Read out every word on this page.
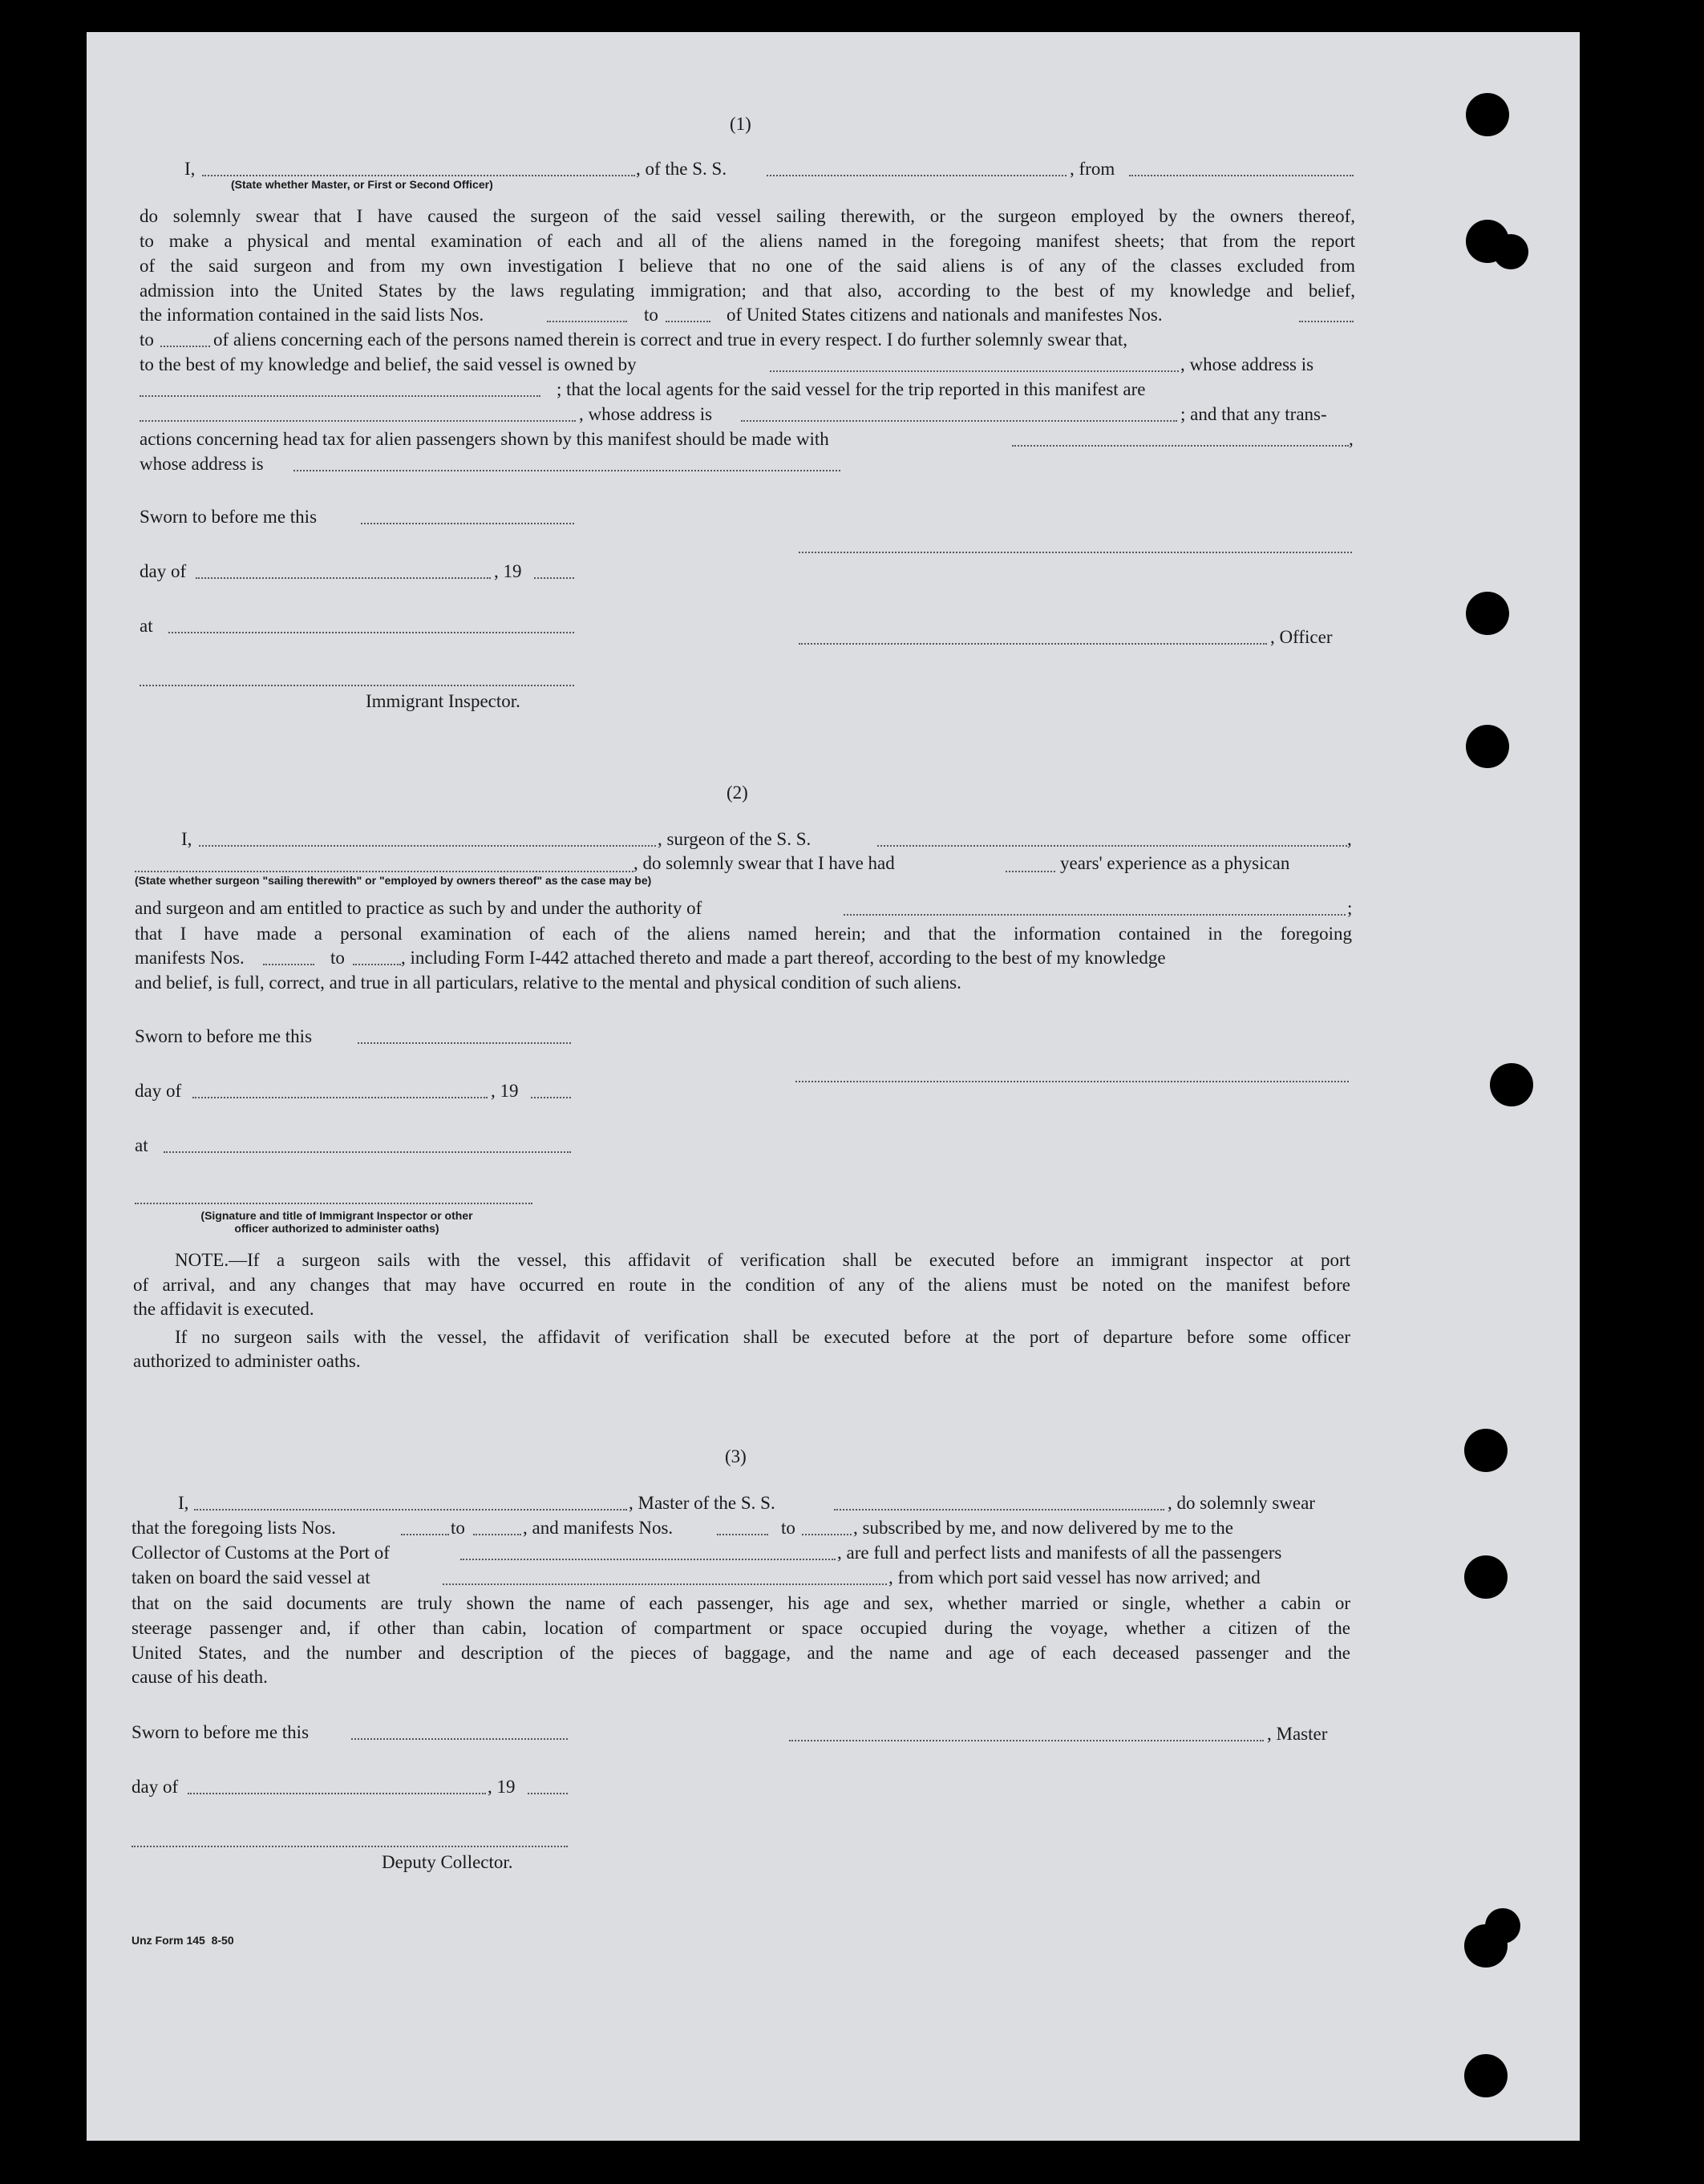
(1)
I,	, of the S. S.	, from
(State whether Master, or First or Second Officer)
do solemnly swear that I have caused the surgeon of the said vessel sailing therewith, or the surgeon employed by the owners thereof,
to make a physical and mental examination of each and all of the aliens named in the foregoing manifest sheets; that from the report
of the said surgeon and from my own investigation I believe that no one of the said aliens is of any of the classes excluded from
admission into the United States by the laws regulating immigration; and that also, according to the best of my knowledge and belief,
the information contained in the said lists Nos.	to	of United States citizens and nationals and manifestes Nos.
to	of aliens concerning each of the persons named therein is correct and true in every respect. I do further solemnly swear that,
to the best of my knowledge and belief, the said vessel is owned by	, whose address is
; that the local agents for the said vessel for the trip reported in this manifest are
, whose address is	; and that any trans-
actions concerning head tax for alien passengers shown by this manifest should be made with	,
whose address is
Sworn to before me this
day of	, 19
at
, Officer
Immigrant Inspector.
(2)
I,	, surgeon of the S. S.	,
, do solemnly swear that I have had	years' experience as a physican
(State whether surgeon "sailing therewith" or "employed by owners thereof" as the case may be)
and surgeon and am entitled to practice as such by and under the authority of	;
that I have made a personal examination of each of the aliens named herein; and that the information contained in the foregoing
manifests Nos.	to	, including Form I-442 attached thereto and made a part thereof, according to the best of my knowledge
and belief, is full, correct, and true in all particulars, relative to the mental and physical condition of such aliens.
Sworn to before me this
day of	, 19
at
(Signature and title of Immigrant Inspector or other
officer authorized to administer oaths)
NOTE.—If a surgeon sails with the vessel, this affidavit of verification shall be executed before an immigrant inspector at port
of arrival, and any changes that may have occurred en route in the condition of any of the aliens must be noted on the manifest before
the affidavit is executed.
If no surgeon sails with the vessel, the affidavit of verification shall be executed before at the port of departure before some officer
authorized to administer oaths.
(3)
I,	, Master of the S. S.	, do solemnly swear
that the foregoing lists Nos.	to	, and manifests Nos.	to	, subscribed by me, and now delivered by me to the
Collector of Customs at the Port of	, are full and perfect lists and manifests of all the passengers
taken on board the said vessel at	, from which port said vessel has now arrived; and
that on the said documents are truly shown the name of each passenger, his age and sex, whether married or single, whether a cabin or
steerage passenger and, if other than cabin, location of compartment or space occupied during the voyage, whether a citizen of the
United States, and the number and description of the pieces of baggage, and the name and age of each deceased passenger and the
cause of his death.
Sworn to before me this	, Master
day of	, 19
Deputy Collector.
Unz Form 145  8-50
